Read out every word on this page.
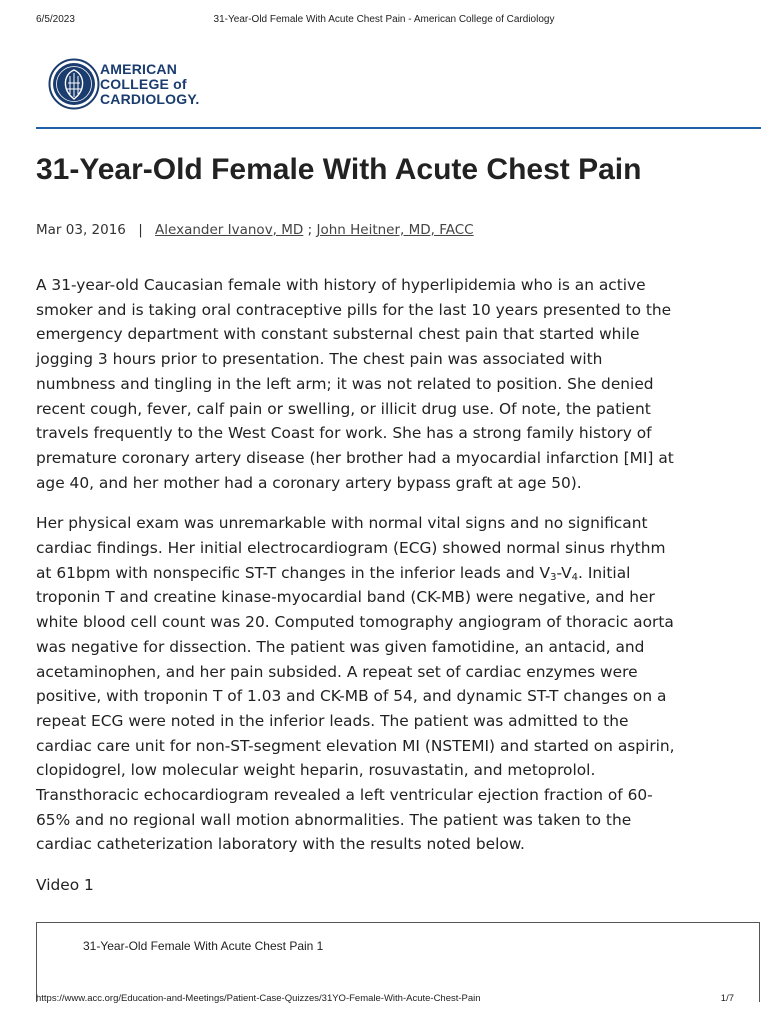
6/5/2023	31-Year-Old Female With Acute Chest Pain - American College of Cardiology
AMERICAN
COLLEGE of
CARDIOLOGY.
31-Year-Old Female With Acute Chest Pain
Mar 03, 2016 | Alexander Ivanov, MD ; John Heitner, MD, FACC

A 31-year-old Caucasian female with history of hyperlipidemia who is an active

smoker and is taking oral contraceptive pills for the last 10 years presented to the

emergency department with constant substernal chest pain that started while

jogging 3 hours prior to presentation. The chest pain was associated with

numbness and tingling in the left arm; it was not related to position. She denied

recent cough, fever, calf pain or swelling, or illicit drug use. Of note, the patient

travels frequently to the West Coast for work. She has a strong family history of

premature coronary artery disease (her brother had a myocardial infarction [MI] at

age 40, and her mother had a coronary artery bypass graft at age 50).

Her physical exam was unremarkable with normal vital signs and no significant

cardiac findings. Her initial electrocardiogram (ECG) showed normal sinus rhythm

at 61bpm with nonspecific ST-T changes in the inferior leads and $V_3-V_4$. Initial

troponin T and creatine kinase-myocardial band (CK-MB) were negative, and her

white blood cell count was 20. Computed tomography angiogram of thoracic aorta

was negative for dissection. The patient was given famotidine, an antacid, and

acetaminophen, and her pain subsided. A repeat set of cardiac enzymes were

positive, with troponin T of 1.03 and CK-MB of 54, and dynamic ST-T changes on a

repeat ECG were noted in the inferior leads. The patient was admitted to the

cardiac care unit for non-ST-segment elevation MI (NSTEMI) and started on aspirin,

clopidogrel, low molecular weight heparin, rosuvastatin, and metoprolol.

Transthoracic echocardiogram revealed a left ventricular ejection fraction of 60-

65% and no regional wall motion abnormalities. The patient was taken to the

cardiac catheterization laboratory with the results noted below.

Video 1

31-Year-Old Female With Acute Chest Pain 1
https://www.acc.org/Education-and-Meetings/Patient-Case-Quizzes/31YO-Female-With-Acute-Chest-Pain	1/7
